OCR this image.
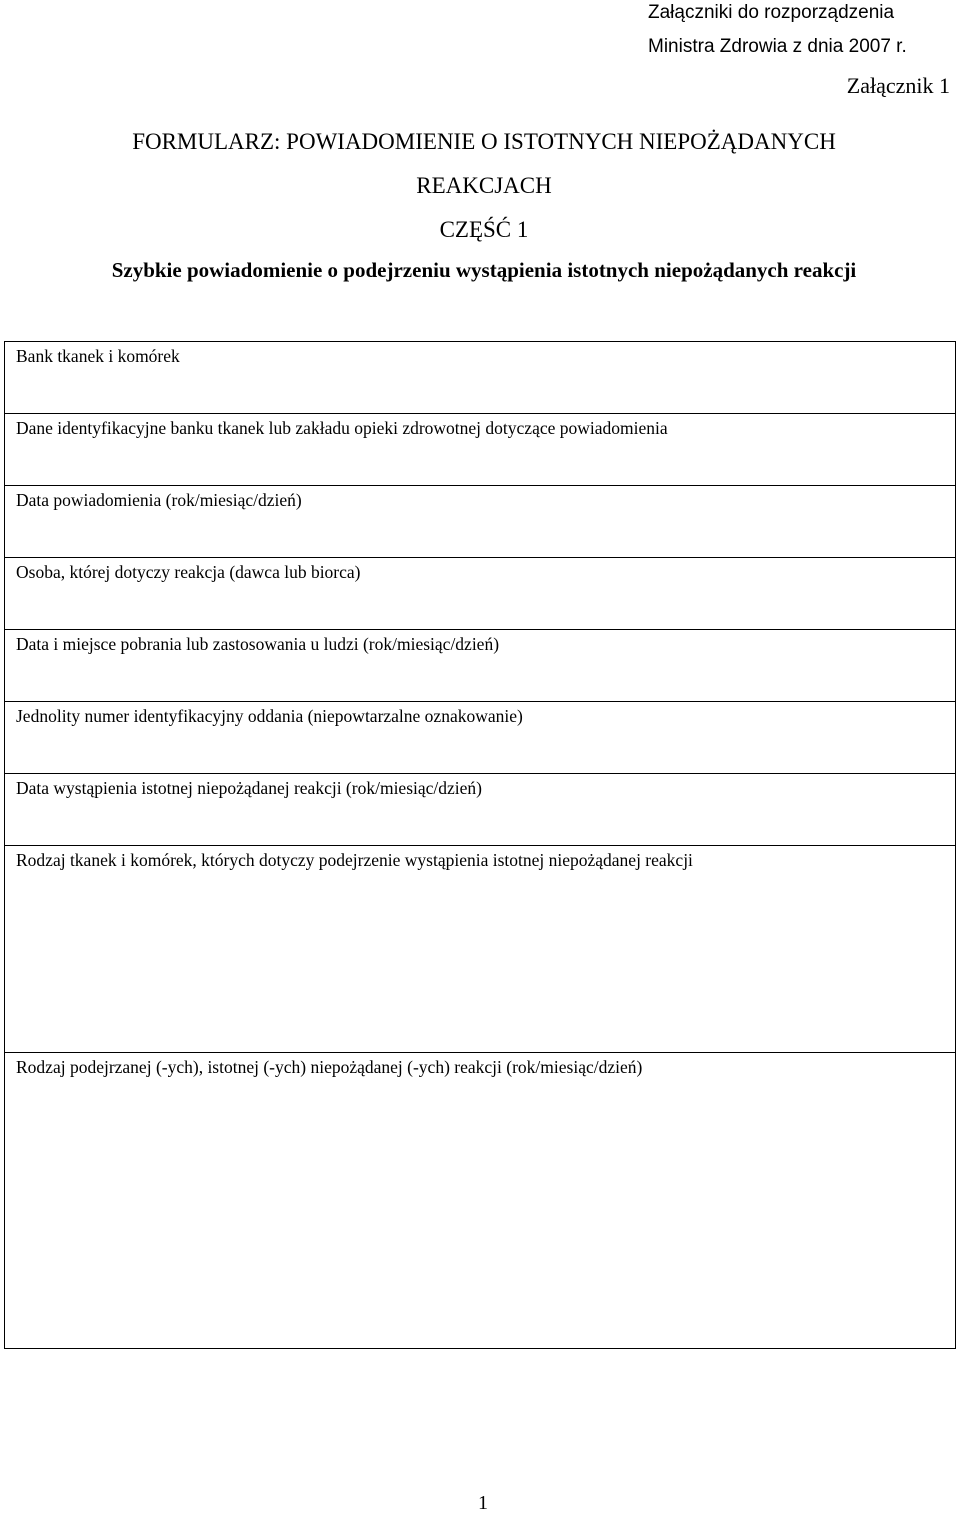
Załączniki do rozporządzenia
Ministra Zdrowia z dnia 2007 r.
Załącznik 1
FORMULARZ: POWIADOMIENIE O ISTOTNYCH NIEPOŻĄDANYCH
REAKCJACH
CZĘŚĆ 1
Szybkie powiadomienie o podejrzeniu wystąpienia istotnych niepożądanych reakcji
Bank tkanek i komórek
Dane identyfikacyjne banku tkanek lub zakładu opieki zdrowotnej dotyczące powiadomienia
Data powiadomienia (rok/miesiąc/dzień)
Osoba, której dotyczy reakcja (dawca lub biorca)
Data i miejsce pobrania lub zastosowania u ludzi (rok/miesiąc/dzień)
Jednolity numer identyfikacyjny oddania (niepowtarzalne oznakowanie)
Data wystąpienia istotnej niepożądanej reakcji (rok/miesiąc/dzień)
Rodzaj tkanek i komórek, których dotyczy podejrzenie wystąpienia istotnej niepożądanej reakcji
Rodzaj podejrzanej (-ych), istotnej (-ych) niepożądanej (-ych) reakcji (rok/miesiąc/dzień)
1
